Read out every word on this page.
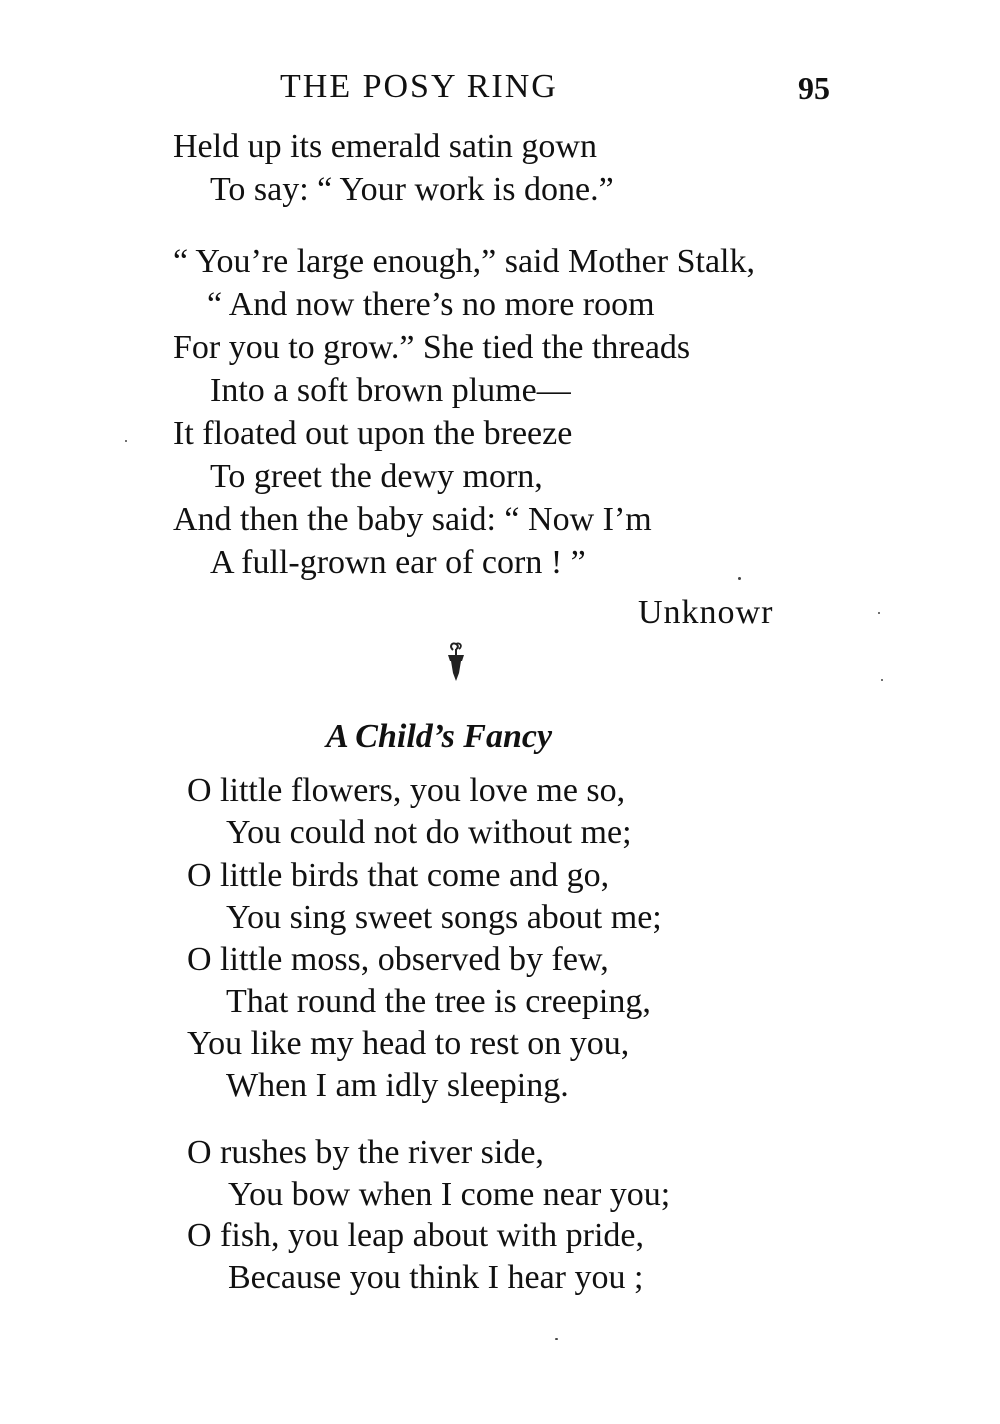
THE POSY RING	95
Held up its emerald satin gown
To say: “ Your work is done.”
“ You’re large enough,” said Mother Stalk,
“ And now there’s no more room
For you to grow.” She tied the threads
Into a soft brown plume—
It floated out upon the breeze
To greet the dewy morn,
And then the baby said: “ Now I’m
A full-grown ear of corn ! ”
Unknowr
A Child’s Fancy
O little flowers, you love me so,
You could not do without me;
O little birds that come and go,
You sing sweet songs about me;
O little moss, observed by few,
That round the tree is creeping,
You like my head to rest on you,
When I am idly sleeping.
O rushes by the river side,
You bow when I come near you;
O fish, you leap about with pride,
Because you think I hear you ;
